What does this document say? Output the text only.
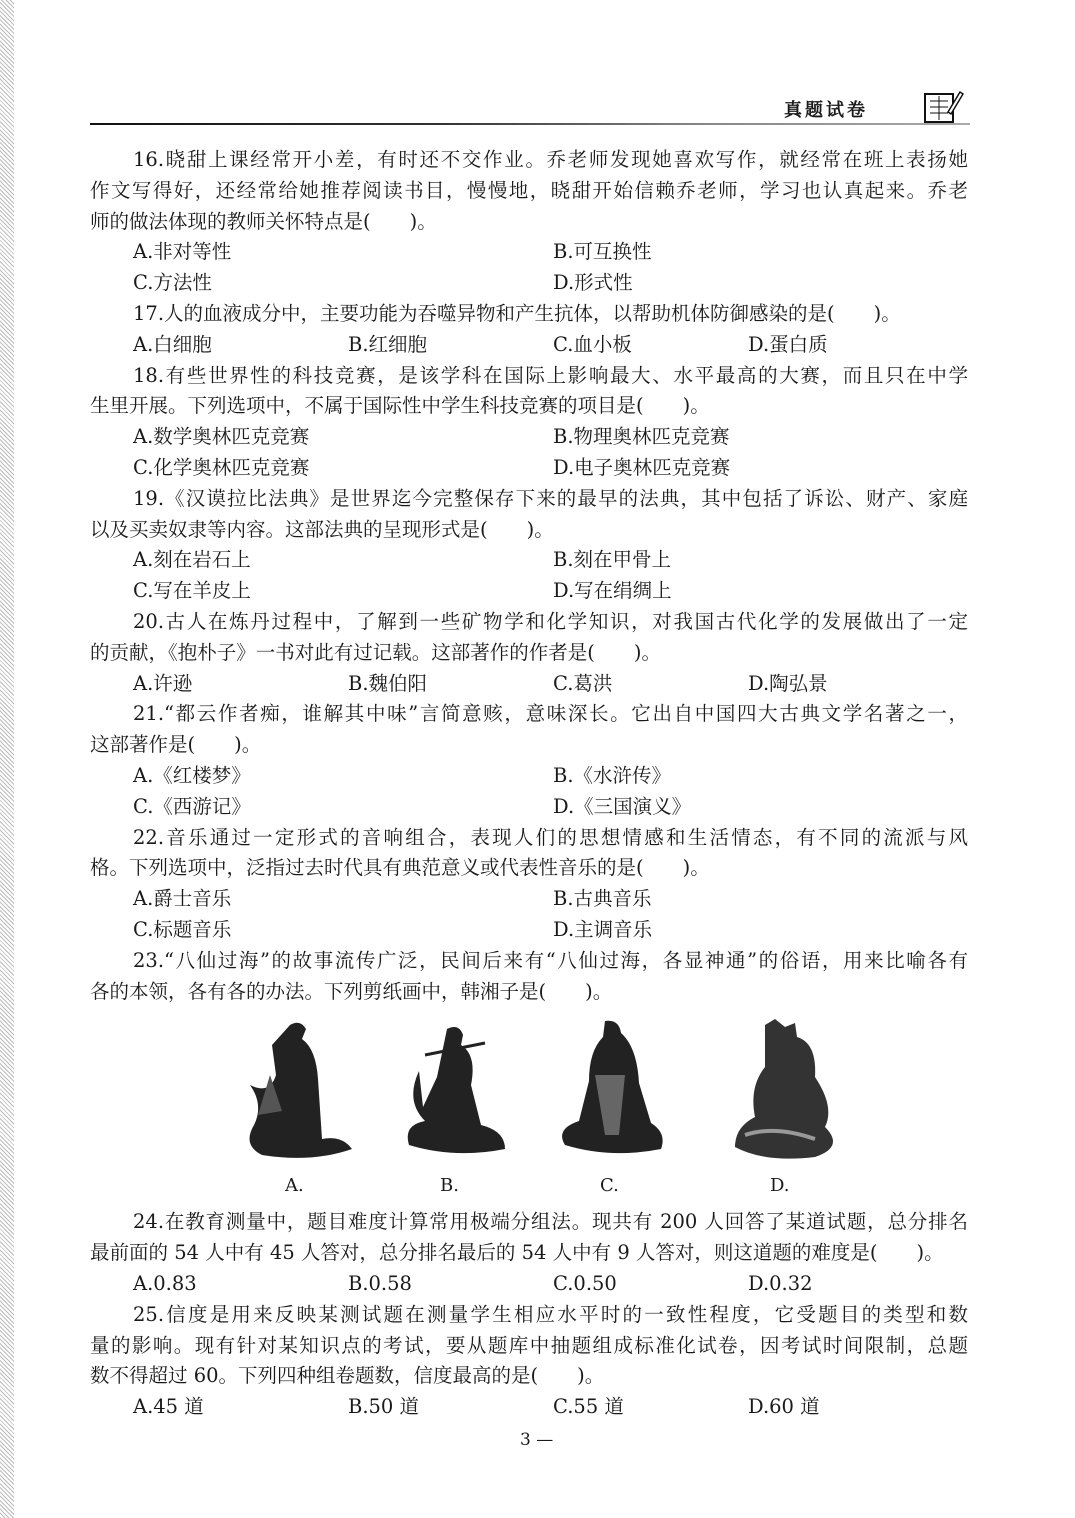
真题试卷
16.晓甜上课经常开小差，有时还不交作业。乔老师发现她喜欢写作，就经常在班上表扬她
作文写得好，还经常给她推荐阅读书目，慢慢地，晓甜开始信赖乔老师，学习也认真起来。乔老
师的做法体现的教师关怀特点是(　　)。
A.非对等性	B.可互换性
C.方法性	D.形式性
17.人的血液成分中，主要功能为吞噬异物和产生抗体，以帮助机体防御感染的是(　　)。
A.白细胞	B.红细胞	C.血小板	D.蛋白质
18.有些世界性的科技竞赛，是该学科在国际上影响最大、水平最高的大赛，而且只在中学
生里开展。下列选项中，不属于国际性中学生科技竞赛的项目是(　　)。
A.数学奥林匹克竞赛	B.物理奥林匹克竞赛
C.化学奥林匹克竞赛	D.电子奥林匹克竞赛
19.《汉谟拉比法典》是世界迄今完整保存下来的最早的法典，其中包括了诉讼、财产、家庭
以及买卖奴隶等内容。这部法典的呈现形式是(　　)。
A.刻在岩石上	B.刻在甲骨上
C.写在羊皮上	D.写在绢绸上
20.古人在炼丹过程中，了解到一些矿物学和化学知识，对我国古代化学的发展做出了一定
的贡献，《抱朴子》一书对此有过记载。这部著作的作者是(　　)。
A.许逊	B.魏伯阳	C.葛洪	D.陶弘景
21.“都云作者痴，谁解其中味”言简意赅，意味深长。它出自中国四大古典文学名著之一，
这部著作是(　　)。
A.《红楼梦》	B.《水浒传》
C.《西游记》	D.《三国演义》
22.音乐通过一定形式的音响组合，表现人们的思想情感和生活情态，有不同的流派与风
格。下列选项中，泛指过去时代具有典范意义或代表性音乐的是(　　)。
A.爵士音乐	B.古典音乐
C.标题音乐	D.主调音乐
23.“八仙过海”的故事流传广泛，民间后来有“八仙过海，各显神通”的俗语，用来比喻各有
各的本领，各有各的办法。下列剪纸画中，韩湘子是(　　)。
A.	B.	C.	D.
24.在教育测量中，题目难度计算常用极端分组法。现共有 200 人回答了某道试题，总分排名
最前面的 54 人中有 45 人答对，总分排名最后的 54 人中有 9 人答对，则这道题的难度是(　　)。
A.0.83	B.0.58	C.0.50	D.0.32
25.信度是用来反映某测试题在测量学生相应水平时的一致性程度，它受题目的类型和数
量的影响。现有针对某知识点的考试，要从题库中抽题组成标准化试卷，因考试时间限制，总题
数不得超过 60。下列四种组卷题数，信度最高的是(　　)。
A.45 道	B.50 道	C.55 道	D.60 道
3 —
